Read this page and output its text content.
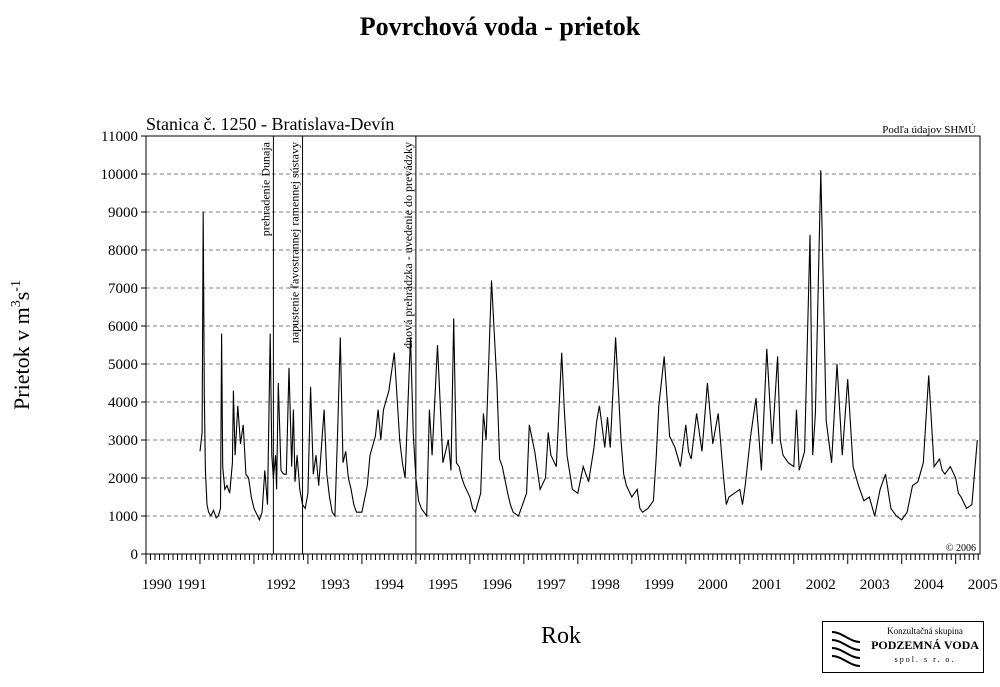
Povrchová voda - prietok
0
1000
2000
3000
4000
5000
6000
7000
8000
9000
10000
11000
1990 1991	1992 1993 1994 1995 1996 1997 1998 1999 2000 2001 2002 2003 2004 2005
prehradenie Dunaja napustenie ľavostrannej ramennej sústavy	dnová prehrádzka - uvedenie do prevádzky
Stanica č. 1250 - Bratislava-Devín	Podľa údajov SHMÚ
© 2006
Rok
Prietok v $m^3s^{-1}$
Konzultačná skupina
PODZEMNÁ VODA
spol. s r. o.
